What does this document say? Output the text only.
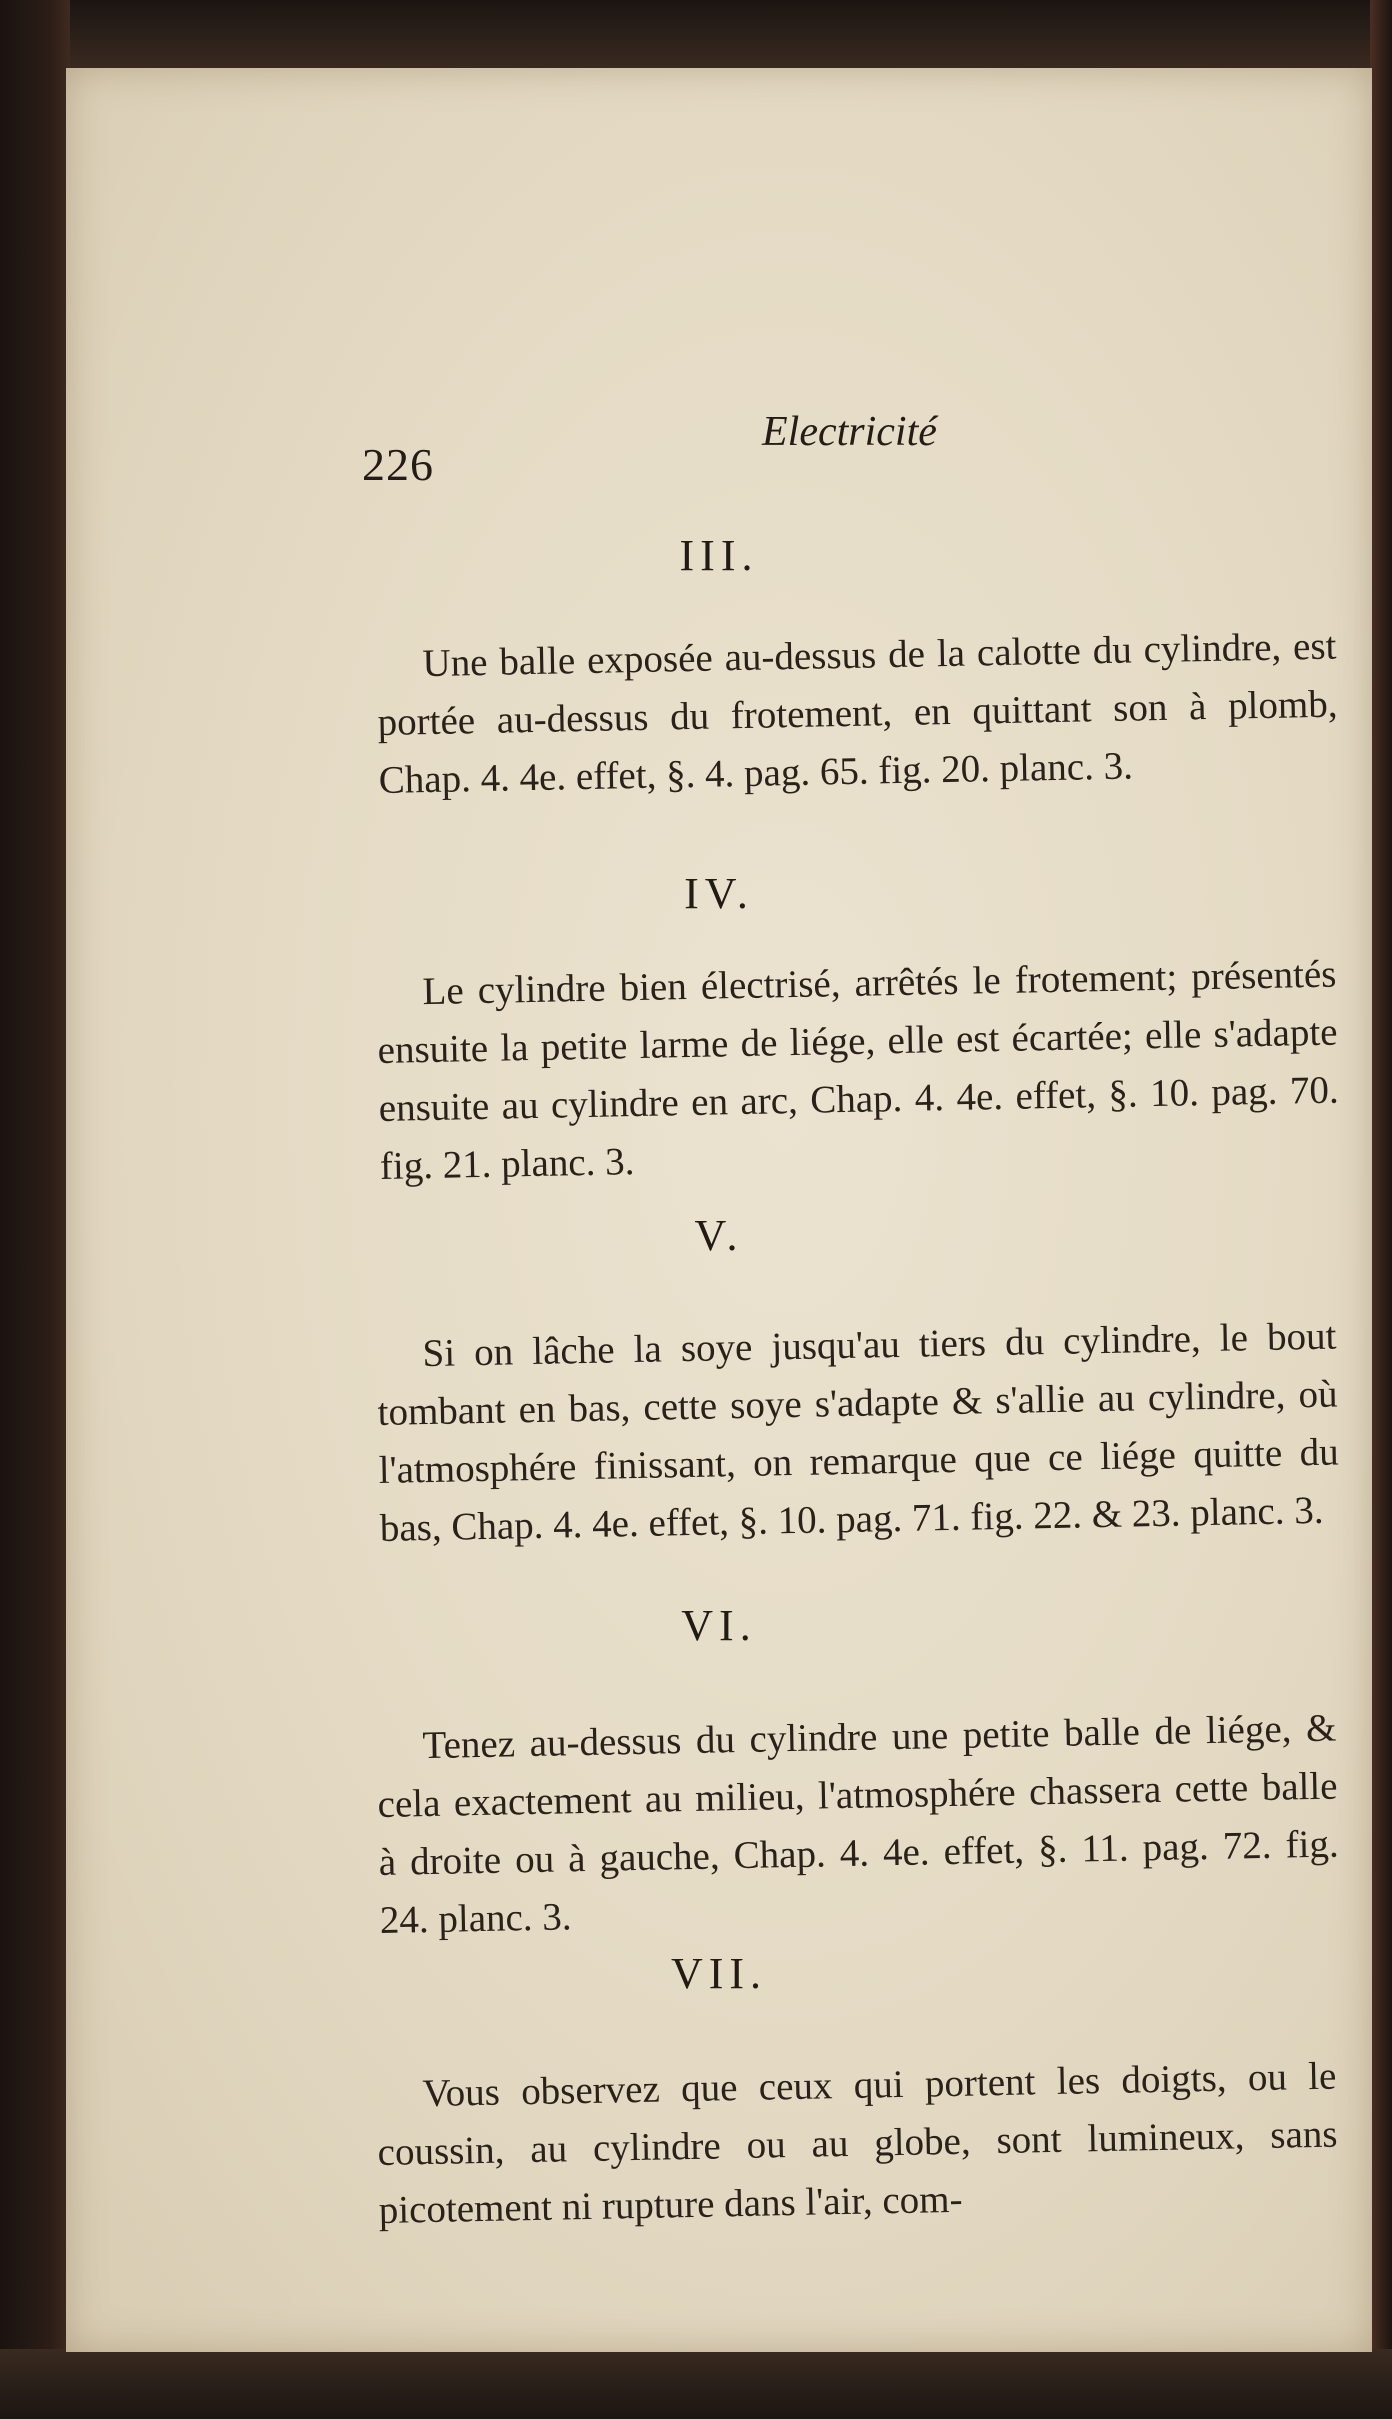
226
Electricité
III.
Une balle exposée au-dessus de la calotte du cylindre, est portée au-dessus du frotement, en quittant son à plomb, Chap. 4. 4e. effet, §. 4. pag. 65. fig. 20. planc. 3.
IV.
Le cylindre bien électrisé, arrêtés le frotement; présentés ensuite la petite larme de liége, elle est écartée; elle s'adapte ensuite au cylindre en arc, Chap. 4. 4e. effet, §. 10. pag. 70. fig. 21. planc. 3.
V.
Si on lâche la soye jusqu'au tiers du cylindre, le bout tombant en bas, cette soye s'adapte & s'allie au cylindre, où l'atmosphére finissant, on remarque que ce liége quitte du bas, Chap. 4. 4e. effet, §. 10. pag. 71. fig. 22. & 23. planc. 3.
VI.
Tenez au-dessus du cylindre une petite balle de liége, & cela exactement au milieu, l'atmosphére chassera cette balle à droite ou à gauche, Chap. 4. 4e. effet, §. 11. pag. 72. fig. 24. planc. 3.
VII.
Vous observez que ceux qui portent les doigts, ou le coussin, au cylindre ou au globe, sont lumineux, sans picotement ni rupture dans l'air, com-
